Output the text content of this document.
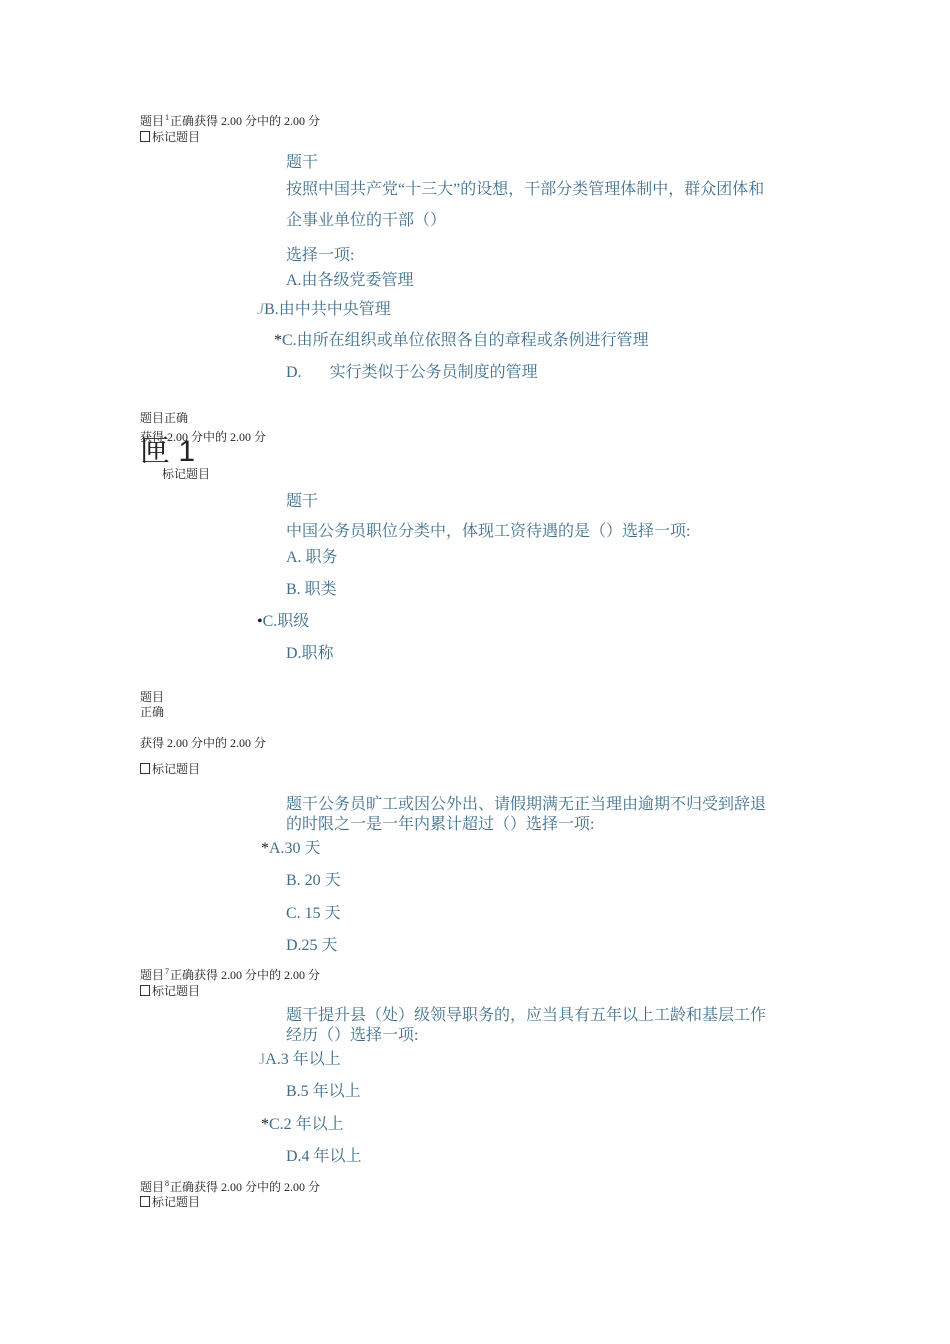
题目$^1$正确获得 2.00 分中的 2.00 分
标记题目
题干
按照中国共产党“十三大”的设想，干部分类管理体制中，群众团体和
企事业单位的干部（）
选择一项:
A.由各级党委管理
JB.由中共中央管理
*C.由所在组织或单位依照各自的章程或条例进行管理
D. 实行类似于公务员制度的管理
题目正确
获得 2.00 分中的 2.00 分
匣 1
标记题目
题干
中国公务员职位分类中，体现工资待遇的是（）选择一项:
A. 职务
B. 职类
•C.职级
D.职称
题目
正确
获得 2.00 分中的 2.00 分
标记题目
题干公务员旷工或因公外出、请假期满无正当理由逾期不归受到辞退
的时限之一是一年内累计超过（）选择一项:
*A.30 天
B. 20 天
C. 15 天
D.25 天
题目$^7$正确获得 2.00 分中的 2.00 分
标记题目
题干提升县（处）级领导职务的，应当具有五年以上工龄和基层工作
经历（）选择一项:
JA.3 年以上
B.5 年以上
*C.2 年以上
D.4 年以上
题目$^8$正确获得 2.00 分中的 2.00 分
标记题目
